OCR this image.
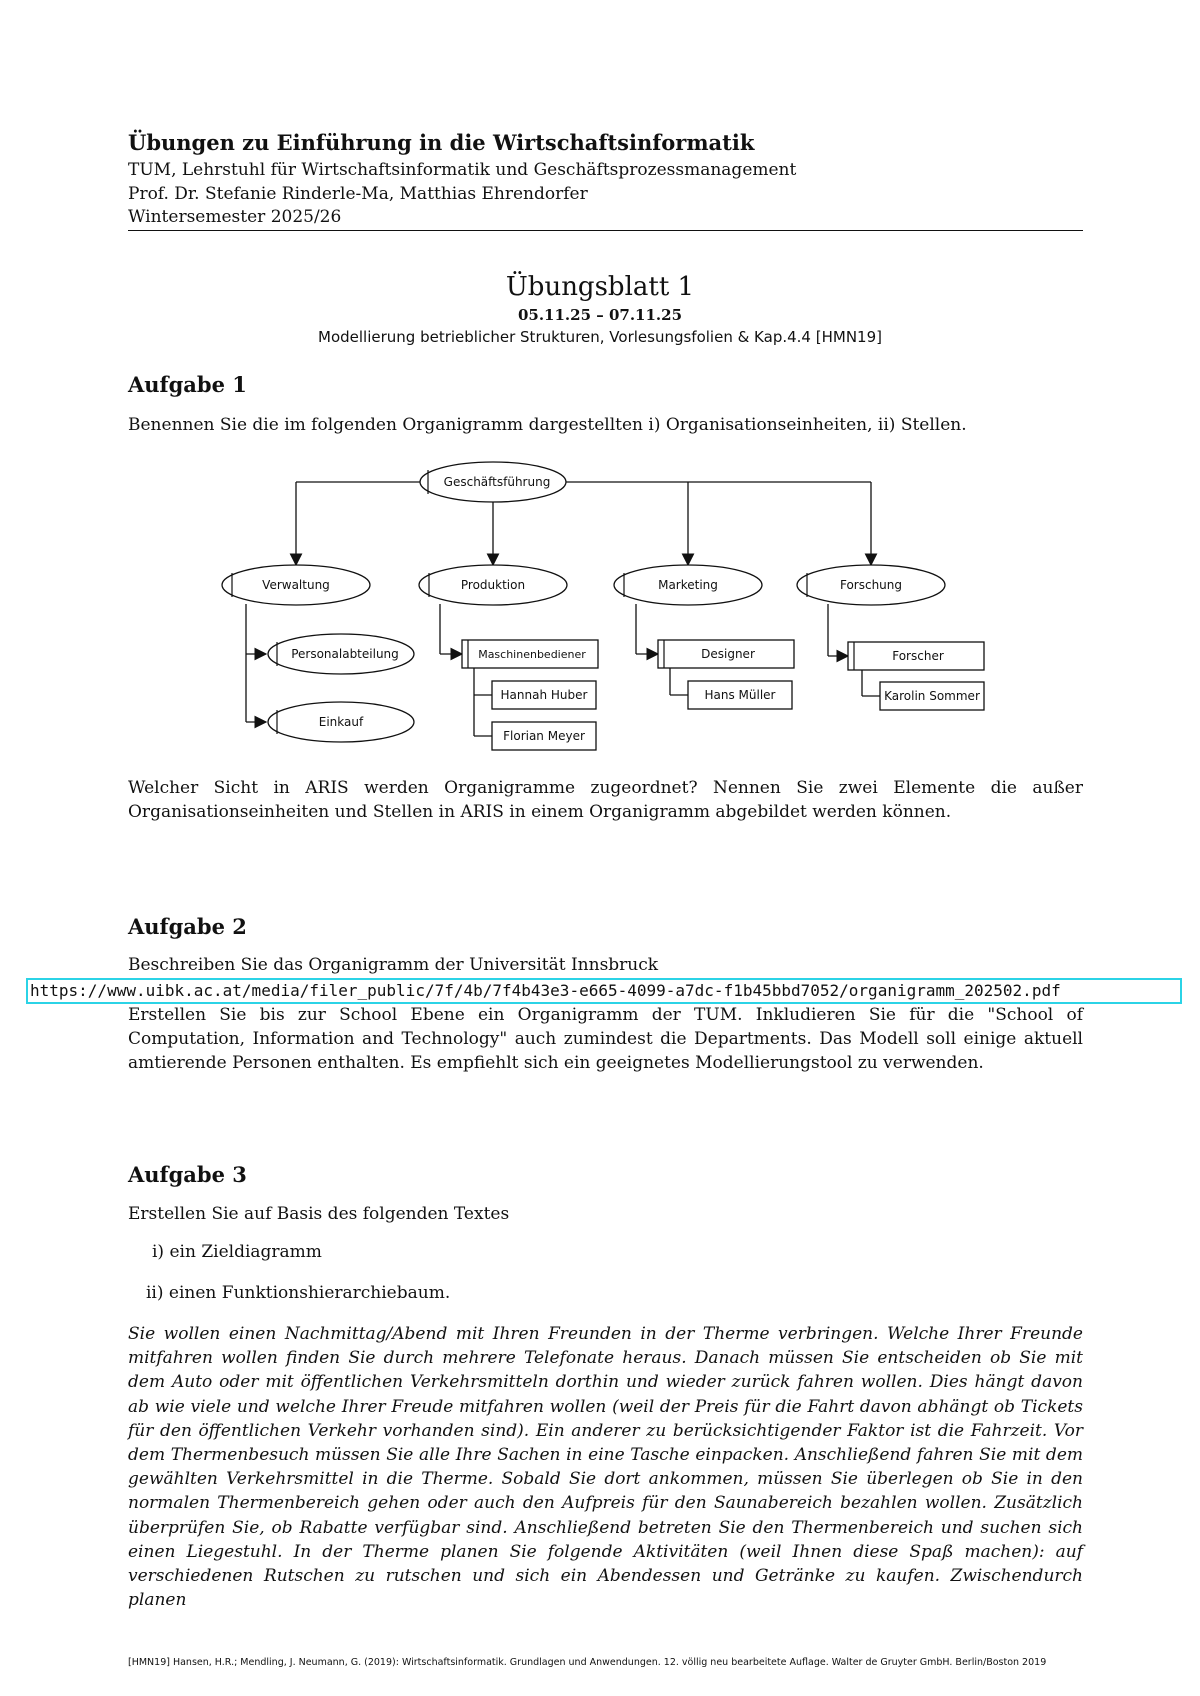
Übungen zu Einführung in die Wirtschaftsinformatik
TUM, Lehrstuhl für Wirtschaftsinformatik und Geschäftsprozessmanagement
Prof. Dr. Stefanie Rinderle-Ma, Matthias Ehrendorfer
Wintersemester 2025/26
Übungsblatt 1
05.11.25 – 07.11.25
Modellierung betrieblicher Strukturen, Vorlesungsfolien & Kap.4.4 [HMN19]
Aufgabe 1
Benennen Sie die im folgenden Organigramm dargestellten i) Organisationseinheiten, ii) Stellen.
Geschäftsführung
Verwaltung	Produktion	Marketing	Forschung
Personalabteilung
Einkauf
Maschinenbediener	Designer	Forscher
Hannah Huber
Florian Meyer
Hans Müller	Karolin Sommer
Welcher Sicht in ARIS werden Organigramme zugeordnet? Nennen Sie zwei Elemente die außer Organisationseinheiten und Stellen in ARIS in einem Organigramm abgebildet werden können.
Aufgabe 2
Beschreiben Sie das Organigramm der Universität Innsbruck
https://www.uibk.ac.at/media/filer_public/7f/4b/7f4b43e3-e665-4099-a7dc-f1b45bbd7052/organigramm_202502.pdf
Erstellen Sie bis zur School Ebene ein Organigramm der TUM. Inkludieren Sie für die "School of Computation, Information and Technology" auch zumindest die Departments. Das Modell soll einige aktuell amtierende Personen enthalten. Es empfiehlt sich ein geeignetes Modellierungstool zu verwenden.
Aufgabe 3
Erstellen Sie auf Basis des folgenden Textes
i) ein Zieldiagramm
ii) einen Funktionshierarchiebaum.
Sie wollen einen Nachmittag/Abend mit Ihren Freunden in der Therme verbringen. Welche Ihrer Freunde mitfahren wollen finden Sie durch mehrere Telefonate heraus. Danach müssen Sie entscheiden ob Sie mit dem Auto oder mit öffentlichen Verkehrsmitteln dorthin und wieder zurück fahren wollen. Dies hängt davon ab wie viele und welche Ihrer Freude mitfahren wollen (weil der Preis für die Fahrt davon abhängt ob Tickets für den öffentlichen Verkehr vorhanden sind). Ein anderer zu berücksichtigender Faktor ist die Fahrzeit. Vor dem Thermenbesuch müssen Sie alle Ihre Sachen in eine Tasche einpacken. Anschließend fahren Sie mit dem gewählten Verkehrsmittel in die Therme. Sobald Sie dort ankommen, müssen Sie überlegen ob Sie in den normalen Thermenbereich gehen oder auch den Aufpreis für den Saunabereich bezahlen wollen. Zusätzlich überprüfen Sie, ob Rabatte verfügbar sind. Anschließend betreten Sie den Thermenbereich und suchen sich einen Liegestuhl. In der Therme planen Sie folgende Aktivitäten (weil Ihnen diese Spaß machen): auf verschiedenen Rutschen zu rutschen und sich ein Abendessen und Getränke zu kaufen. Zwischendurch planen
[HMN19] Hansen, H.R.; Mendling, J. Neumann, G. (2019): Wirtschaftsinformatik. Grundlagen und Anwendungen. 12. völlig neu bearbeitete Auflage. Walter de Gruyter GmbH. Berlin/Boston 2019
